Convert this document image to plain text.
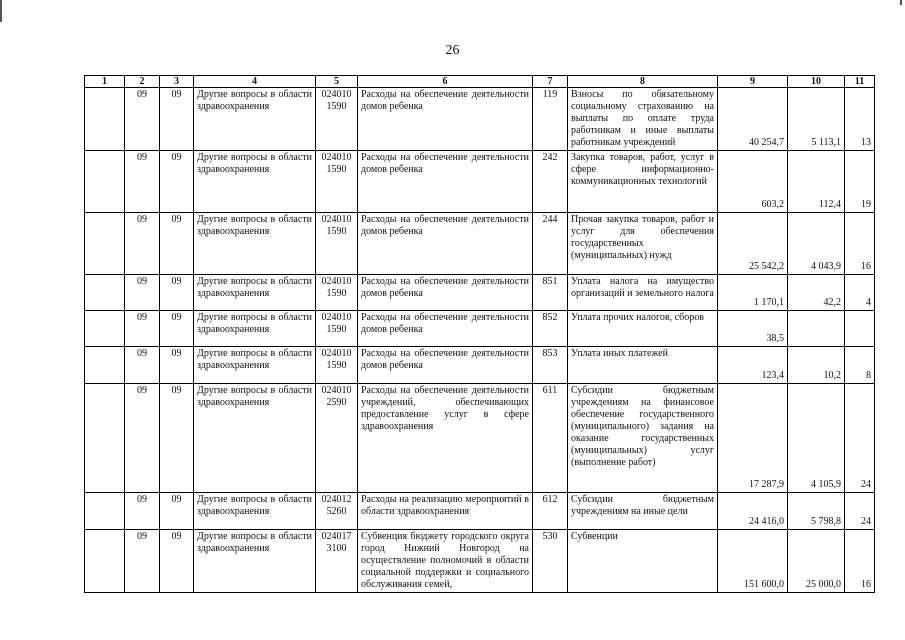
26
1	2	3	4	5	6	7	8	9	10	11
	09	09	Другие вопросы в области здравоохранения	024010 1590	Расходы на обеспечение деятельности домов ребенка	119	Взносы по обязательному социальному страхованию на выплаты по оплате труда работникам и иные выплаты работникам учреждений	40 254,7	5 113,1	13
	09	09	Другие вопросы в области здравоохранения	024010 1590	Расходы на обеспечение деятельности домов ребенка	242	Закупка товаров, работ, услуг в сфере информационно-коммуникационных технологий	603,2	112,4	19
	09	09	Другие вопросы в области здравоохранения	024010 1590	Расходы на обеспечение деятельности домов ребенка	244	Прочая закупка товаров, работ и услуг для обеспечения государственных (муниципальных) нужд	25 542,2	4 043,9	16
	09	09	Другие вопросы в области здравоохранения	024010 1590	Расходы на обеспечение деятельности домов ребенка	851	Уплата налога на имущество организаций и земельного налога	1 170,1	42,2	4
	09	09	Другие вопросы в области здравоохранения	024010 1590	Расходы на обеспечение деятельности домов ребенка	852	Уплата прочих налогов, сборов	38,5		
	09	09	Другие вопросы в области здравоохранения	024010 1590	Расходы на обеспечение деятельности домов ребенка	853	Уплата иных платежей	123,4	10,2	8
	09	09	Другие вопросы в области здравоохранения	024010 2590	Расходы на обеспечение деятельности учреждений, обеспечивающих предоставление услуг в сфере здравоохранения	611	Субсидии бюджетным учреждениям на финансовое обеспечение государственного (муниципального) задания на оказание государственных (муниципальных) услуг (выполнение работ)	17 287,9	4 105,9	24
	09	09	Другие вопросы в области здравоохранения	024012 5260	Расходы на реализацию мероприятий в области здравоохранения	612	Субсидии бюджетным учреждениям на иные цели	24 416,0	5 798,8	24
	09	09	Другие вопросы в области здравоохранения	024017 3100	Субвенция бюджету городского округа город Нижний Новгород на осуществление полномочий в области социальной поддержки и социального обслуживания семей,	530	Субвенции	151 600,0	25 000,0	16
